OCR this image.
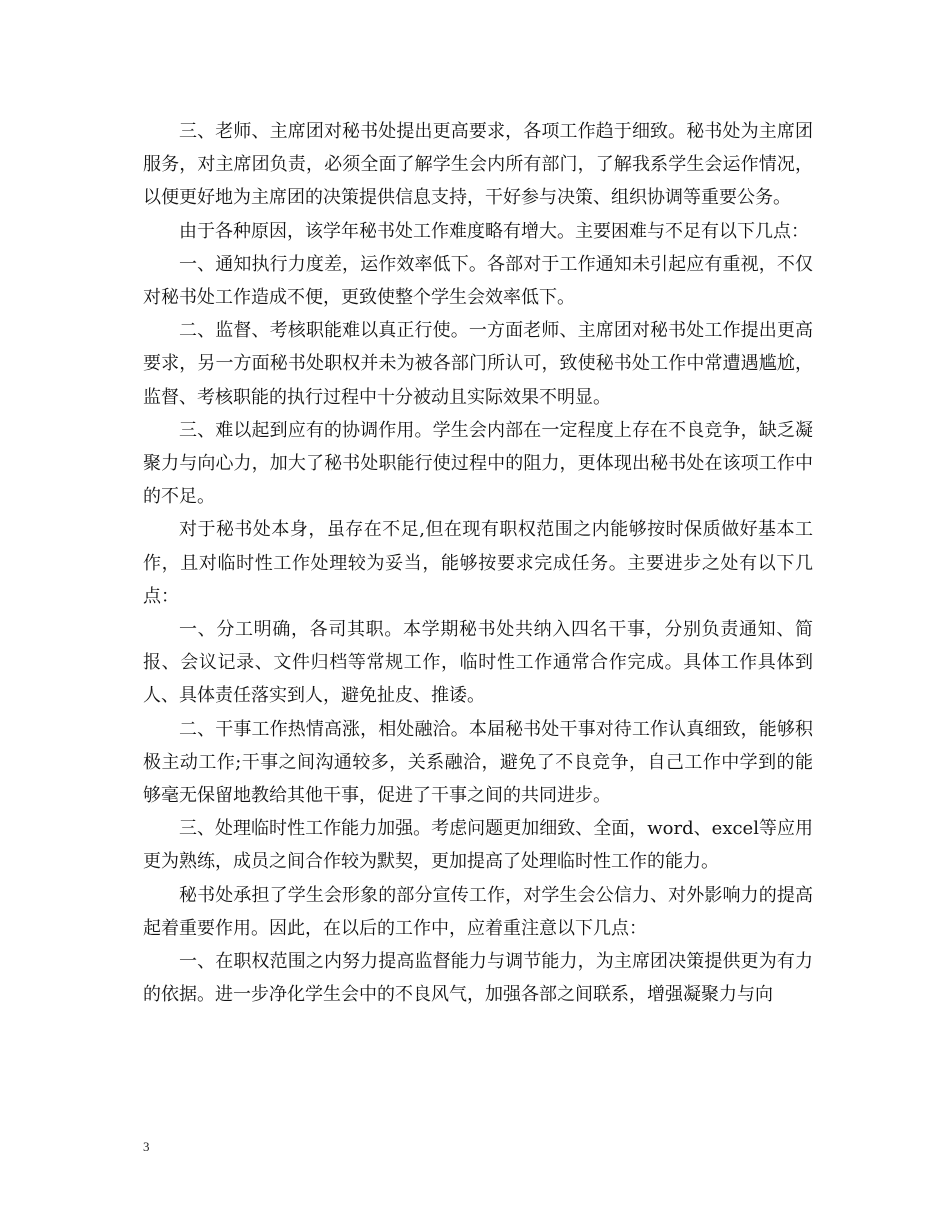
三、老师、主席团对秘书处提出更高要求，各项工作趋于细致。秘书处为主席团服务，对主席团负责，必须全面了解学生会内所有部门，了解我系学生会运作情况，以便更好地为主席团的决策提供信息支持，干好参与决策、组织协调等重要公务。

由于各种原因，该学年秘书处工作难度略有增大。主要困难与不足有以下几点：

一、通知执行力度差，运作效率低下。各部对于工作通知未引起应有重视，不仅对秘书处工作造成不便，更致使整个学生会效率低下。

二、监督、考核职能难以真正行使。一方面老师、主席团对秘书处工作提出更高要求，另一方面秘书处职权并未为被各部门所认可，致使秘书处工作中常遭遇尴尬，监督、考核职能的执行过程中十分被动且实际效果不明显。

三、难以起到应有的协调作用。学生会内部在一定程度上存在不良竞争，缺乏凝聚力与向心力，加大了秘书处职能行使过程中的阻力，更体现出秘书处在该项工作中的不足。

对于秘书处本身，虽存在不足,但在现有职权范围之内能够按时保质做好基本工作，且对临时性工作处理较为妥当，能够按要求完成任务。主要进步之处有以下几点：

一、分工明确，各司其职。本学期秘书处共纳入四名干事，分别负责通知、简报、会议记录、文件归档等常规工作，临时性工作通常合作完成。具体工作具体到人、具体责任落实到人，避免扯皮、推诿。

二、干事工作热情高涨，相处融洽。本届秘书处干事对待工作认真细致，能够积极主动工作;干事之间沟通较多，关系融洽，避免了不良竞争，自己工作中学到的能够毫无保留地教给其他干事，促进了干事之间的共同进步。

三、处理临时性工作能力加强。考虑问题更加细致、全面，word、excel等应用更为熟练，成员之间合作较为默契，更加提高了处理临时性工作的能力。

秘书处承担了学生会形象的部分宣传工作，对学生会公信力、对外影响力的提高起着重要作用。因此，在以后的工作中，应着重注意以下几点：

一、在职权范围之内努力提高监督能力与调节能力，为主席团决策提供更为有力的依据。进一步净化学生会中的不良风气，加强各部之间联系，增强凝聚力与向

3
